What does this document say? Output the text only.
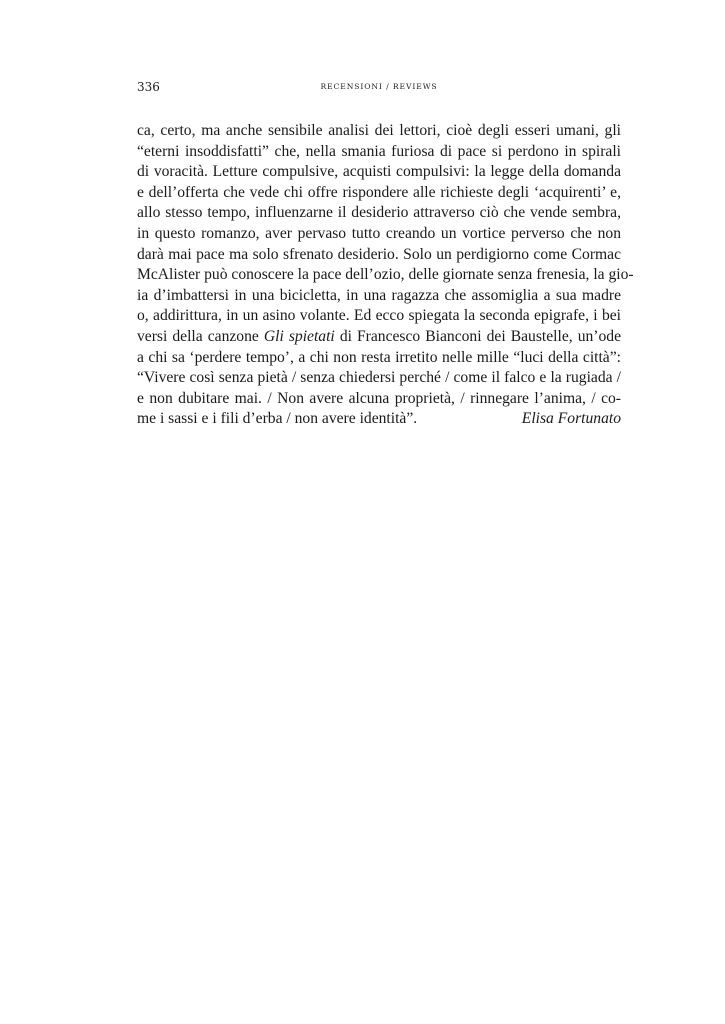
336	RECENSIONI / REVIEWS
ca, certo, ma anche sensibile analisi dei lettori, cioè degli esseri umani, gli
“eterni insoddisfatti” che, nella smania furiosa di pace si perdono in spirali
di voracità. Letture compulsive, acquisti compulsivi: la legge della domanda
e dell’offerta che vede chi offre rispondere alle richieste degli ‘acquirenti’ e,
allo stesso tempo, influenzarne il desiderio attraverso ciò che vende sembra,
in questo romanzo, aver pervaso tutto creando un vortice perverso che non
darà mai pace ma solo sfrenato desiderio. Solo un perdigiorno come Cormac
McAlister può conoscere la pace dell’ozio, delle giornate senza frenesia, la gio-
ia d’imbattersi in una bicicletta, in una ragazza che assomiglia a sua madre
o, addirittura, in un asino volante. Ed ecco spiegata la seconda epigrafe, i bei
versi della canzone Gli spietati di Francesco Bianconi dei Baustelle, un’ode
a chi sa ‘perdere tempo’, a chi non resta irretito nelle mille “luci della città”:
“Vivere così senza pietà / senza chiedersi perché / come il falco e la rugiada /
e non dubitare mai. / Non avere alcuna proprietà, / rinnegare l’anima, / co-
me i sassi e i fili d’erba / non avere identità”.	Elisa Fortunato
